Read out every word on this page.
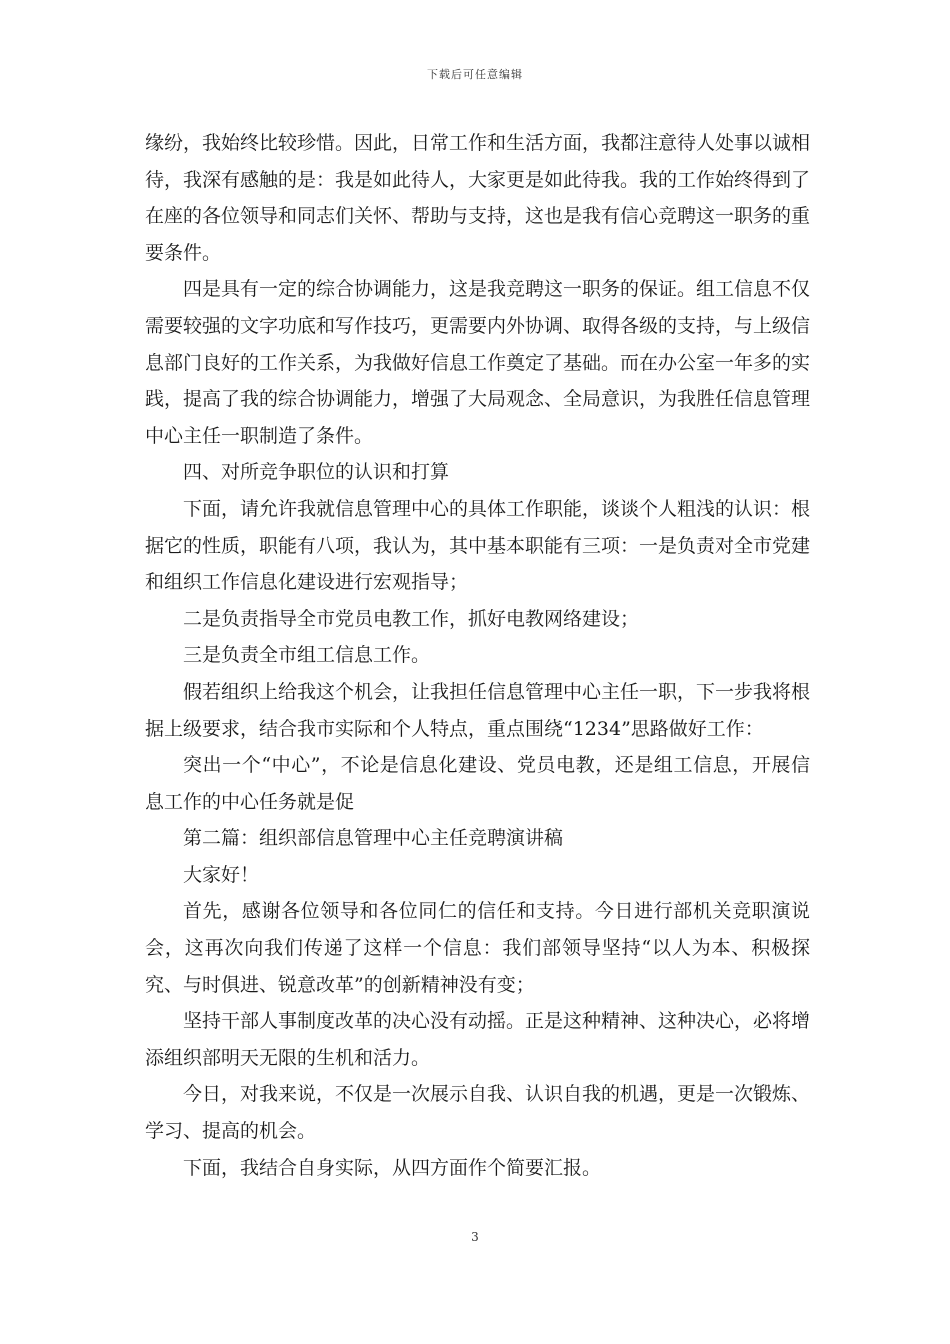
下载后可任意编辑

缘纷，我始终比较珍惜。因此，日常工作和生活方面，我都注意待人处事以诚相待，我深有感触的是：我是如此待人，大家更是如此待我。我的工作始终得到了在座的各位领导和同志们关怀、帮助与支持，这也是我有信心竞聘这一职务的重要条件。

四是具有一定的综合协调能力，这是我竞聘这一职务的保证。组工信息不仅需要较强的文字功底和写作技巧，更需要内外协调、取得各级的支持，与上级信息部门良好的工作关系，为我做好信息工作奠定了基础。而在办公室一年多的实践，提高了我的综合协调能力，增强了大局观念、全局意识，为我胜任信息管理中心主任一职制造了条件。

四、对所竞争职位的认识和打算

下面，请允许我就信息管理中心的具体工作职能，谈谈个人粗浅的认识：根据它的性质，职能有八项，我认为，其中基本职能有三项：一是负责对全市党建和组织工作信息化建设进行宏观指导；

二是负责指导全市党员电教工作，抓好电教网络建设；

三是负责全市组工信息工作。

假若组织上给我这个机会，让我担任信息管理中心主任一职，下一步我将根据上级要求，结合我市实际和个人特点，重点围绕“1234”思路做好工作：

突出一个“中心”，不论是信息化建设、党员电教，还是组工信息，开展信息工作的中心任务就是促

第二篇：组织部信息管理中心主任竞聘演讲稿

大家好！

首先，感谢各位领导和各位同仁的信任和支持。今日进行部机关竞职演说会，这再次向我们传递了这样一个信息：我们部领导坚持“以人为本、积极探究、与时俱进、锐意改革”的创新精神没有变；

坚持干部人事制度改革的决心没有动摇。正是这种精神、这种决心，必将增添组织部明天无限的生机和活力。

今日，对我来说，不仅是一次展示自我、认识自我的机遇，更是一次锻炼、学习、提高的机会。

下面，我结合自身实际，从四方面作个简要汇报。

3
